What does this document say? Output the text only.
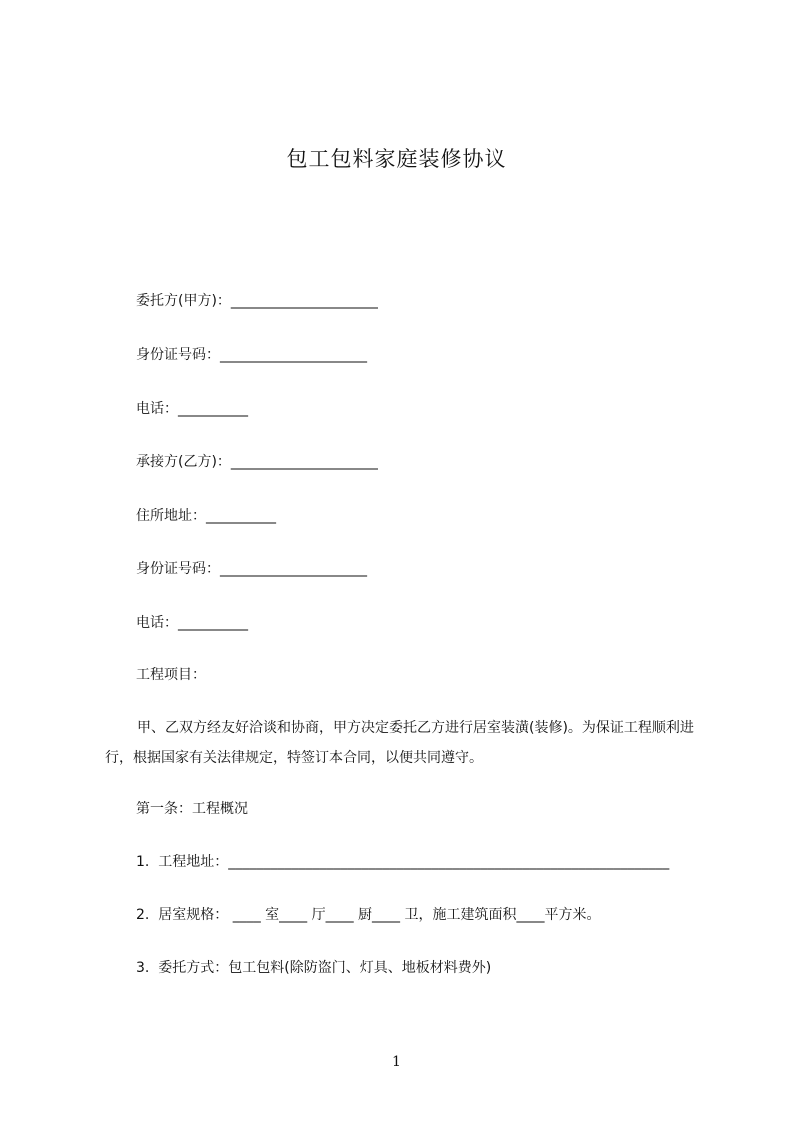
包工包料家庭装修协议
委托方(甲方)：_____________________
身份证号码：_____________________
电话：__________
承接方(乙方)：_____________________
住所地址：__________
身份证号码：_____________________
电话：__________
工程项目：
甲、乙双方经友好洽谈和协商，甲方决定委托乙方进行居室装潢(装修)。为保证工程顺利进行，根据国家有关法律规定，特签订本合同，以便共同遵守。
第一条：工程概况
1.  工程地址：_______________________________________________________________
2.  居室规格： ____ 室____ 厅____ 厨____ 卫，施工建筑面积____平方米。
3.  委托方式：包工包料(除防盗门、灯具、地板材料费外)
1
